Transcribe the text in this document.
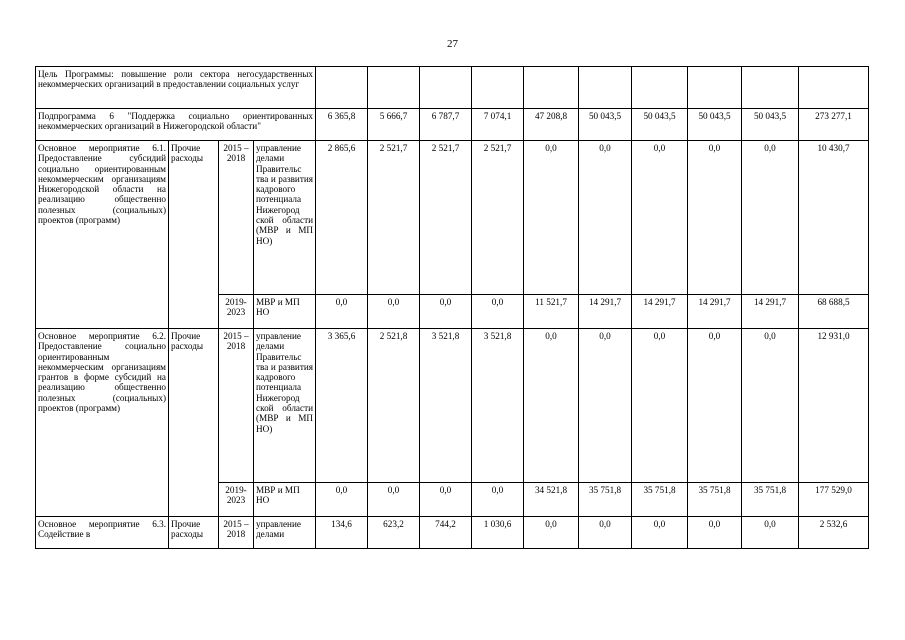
27
Цель Программы: повышение роли сектора негосударственных некоммерческих организаций в предоставлении социальных услуг													
Подпрограмма 6 "Поддержка социально ориентированных некоммерческих организаций в Нижегородской области"				6 365,8	5 666,7	6 787,7	7 074,1	47 208,8	50 043,5	50 043,5	50 043,5	50 043,5	273 277,1
Основное мероприятие 6.1. Предоставление субсидий социально ориентированным некоммерческим организациям Нижегородской области на реализацию общественно полезных (социальных) проектов (программ)	Прочие расходы	2015 – 2018	управление делами Правительс тва и развития кадрового потенциала Нижегород ской области (МВР и МП НО)	2 865,6	2 521,7	2 521,7	2 521,7	0,0	0,0	0,0	0,0	0,0	10 430,7
		2019-2023	МВР и МП НО	0,0	0,0	0,0	0,0	11 521,7	14 291,7	14 291,7	14 291,7	14 291,7	68 688,5
Основное мероприятие 6.2. Предоставление социально ориентированным некоммерческим организациям грантов в форме субсидий на реализацию общественно полезных (социальных) проектов (программ)	Прочие расходы	2015 – 2018	управление делами Правительс тва и развития кадрового потенциала Нижегород ской области (МВР и МП НО)	3 365,6	2 521,8	3 521,8	3 521,8	0,0	0,0	0,0	0,0	0,0	12 931,0
		2019-2023	МВР и МП НО	0,0	0,0	0,0	0,0	34 521,8	35 751,8	35 751,8	35 751,8	35 751,8	177 529,0
Основное мероприятие 6.3. Содействие в	Прочие расходы	2015 – 2018	управление делами	134,6	623,2	744,2	1 030,6	0,0	0,0	0,0	0,0	0,0	2 532,6
